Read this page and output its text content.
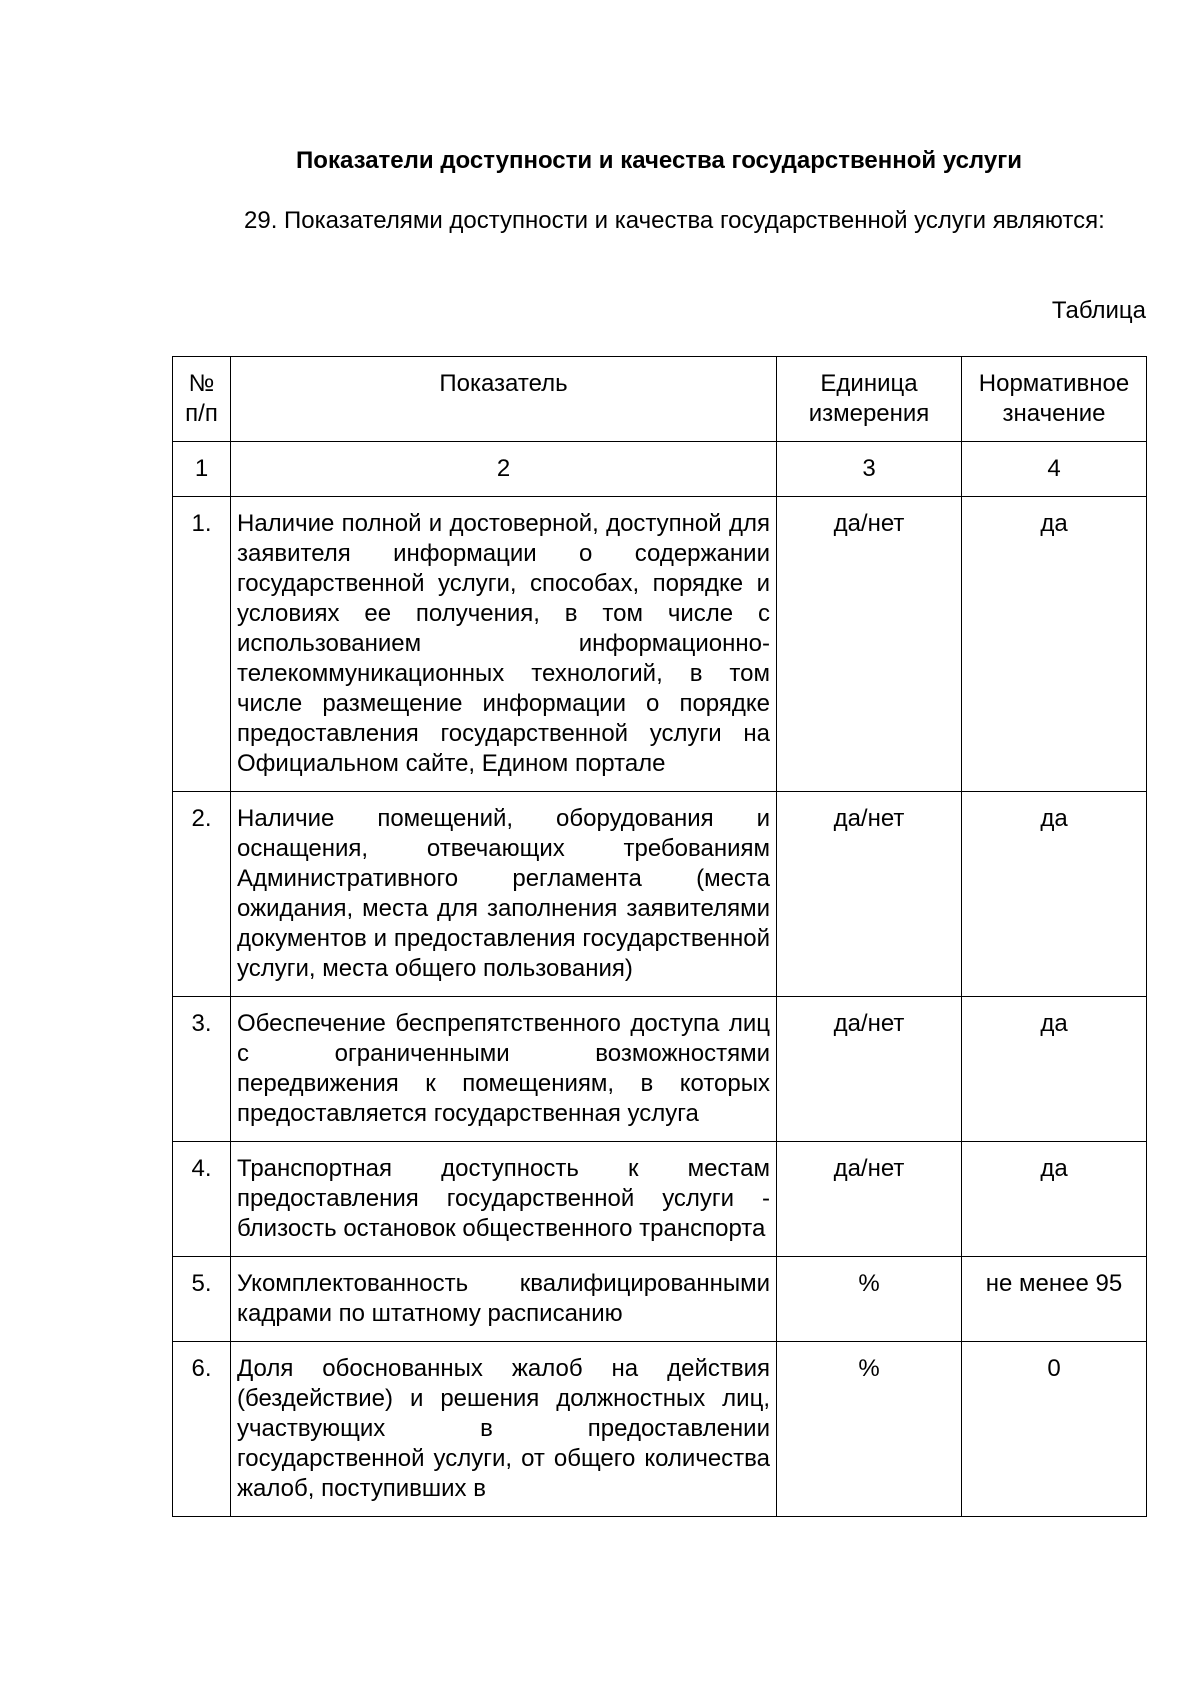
Показатели доступности и качества государственной услуги
29. Показателями доступности и качества государственной услуги являются:
Таблица
№ п/п	Показатель	Единица измерения	Нормативное значение
1	2	3	4
1.	Наличие полной и достоверной, доступной для заявителя информации о содержании государственной услуги, способах, порядке и условиях ее получения, в том числе с использованием информационно-телекоммуникационных технологий, в том числе размещение информации о порядке предоставления государственной услуги на Официальном сайте, Едином портале	да/нет	да
2.	Наличие помещений, оборудования и оснащения, отвечающих требованиям Административного регламента (места ожидания, места для заполнения заявителями документов и предоставления государственной услуги, места общего пользования)	да/нет	да
3.	Обеспечение беспрепятственного доступа лиц с ограниченными возможностями передвижения к помещениям, в которых предоставляется государственная услуга	да/нет	да
4.	Транспортная доступность к местам предоставления государственной услуги - близость остановок общественного транспорта	да/нет	да
5.	Укомплектованность квалифицированными кадрами по штатному расписанию	%	не менее 95
6.	Доля обоснованных жалоб на действия (бездействие) и решения должностных лиц, участвующих в предоставлении государственной услуги, от общего количества жалоб, поступивших в	%	0
